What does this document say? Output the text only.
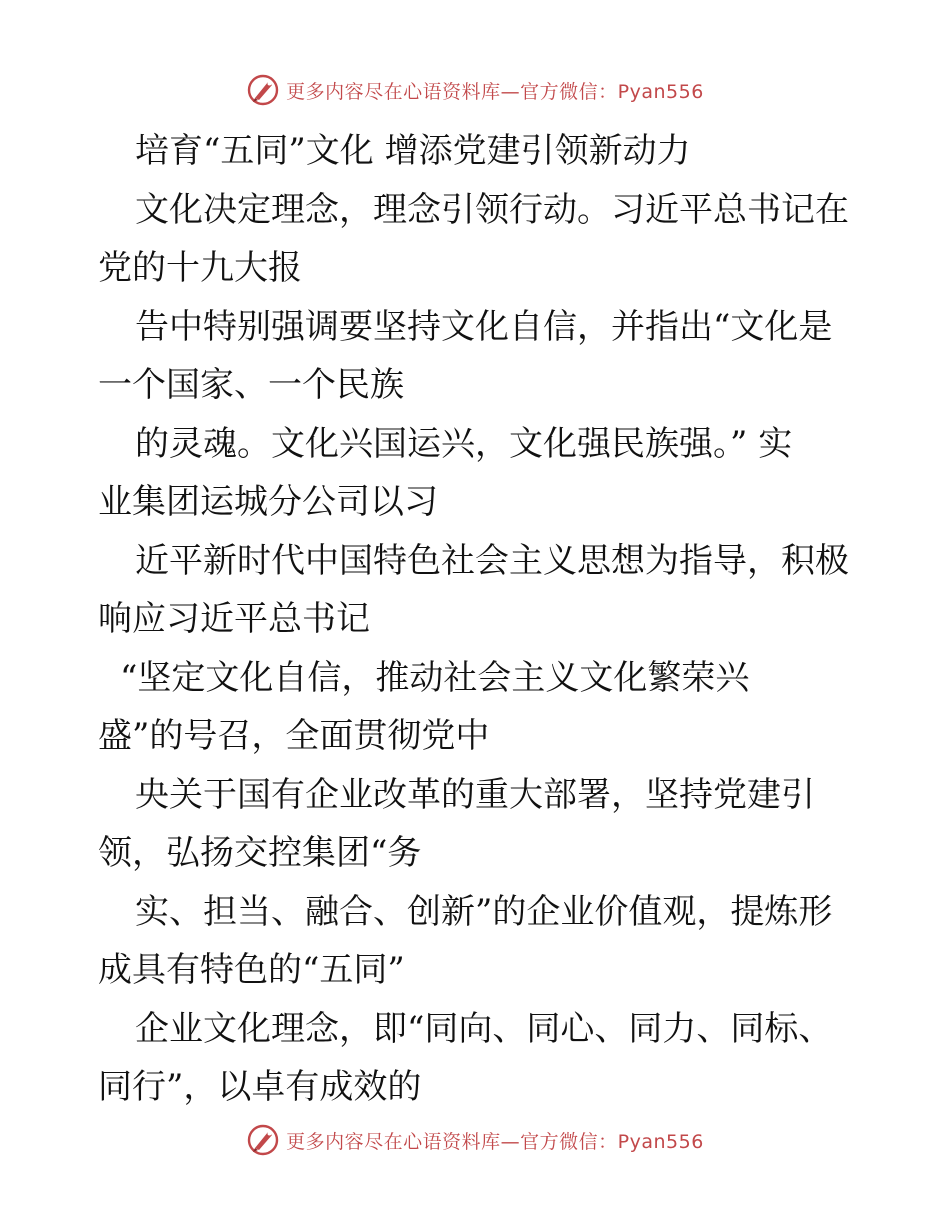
更多内容尽在心语资料库—官方微信：Pyan556
培育“五同”文化 增添党建引领新动力
文化决定理念，理念引领行动。习近平总书记在
党的十九大报
告中特别强调要坚持文化自信，并指出“文化是
一个国家、一个民族
的灵魂。文化兴国运兴，文化强民族强。” 实
业集团运城分公司以习
近平新时代中国特色社会主义思想为指导，积极
响应习近平总书记
“坚定文化自信，推动社会主义文化繁荣兴
盛”的号召，全面贯彻党中
央关于国有企业改革的重大部署，坚持党建引
领，弘扬交控集团“务
实、担当、融合、创新”的企业价值观，提炼形
成具有特色的“五同”
企业文化理念，即“同向、同心、同力、同标、
同行”，以卓有成效的
更多内容尽在心语资料库—官方微信：Pyan556
